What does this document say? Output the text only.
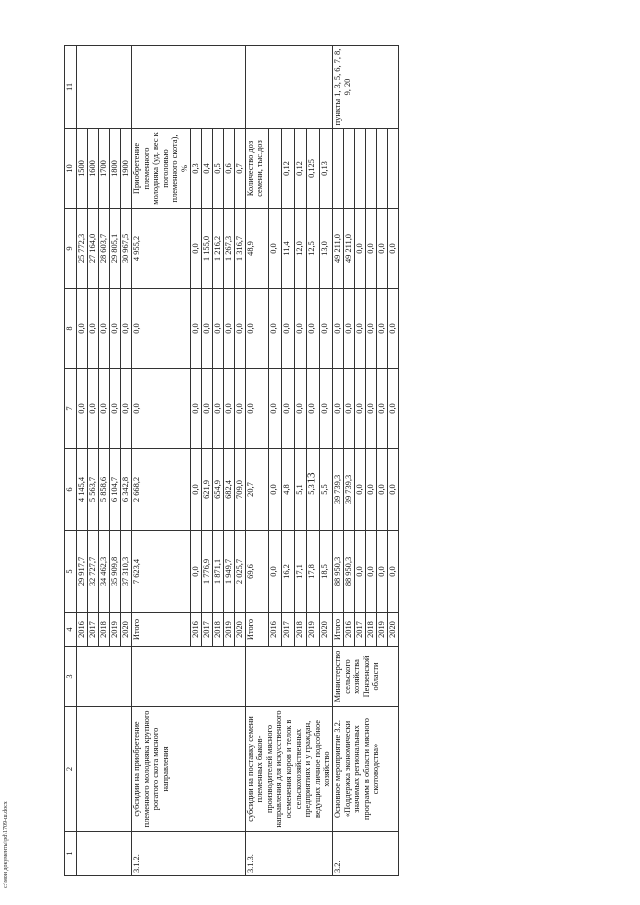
13
c:\мои документы\pd\1709-ш.docx	1	2	3	4	5	6	7	8	9	10	11
			2016	29 917,7	4 145,4	0,0	0,0	25 772,3	1500	
			2017	32 727,7	5 563,7	0,0	0,0	27 164,0	1600	
			2018	34 462,3	5 858,6	0,0	0,0	28 603,7	1700	
			2019	35 909,8	6 104,7	0,0	0,0	29 805,1	1800	
			2020	37 310,3	6 342,8	0,0	0,0	30 967,5	1900	
3.1.2.	субсидии на приобретение племенного молодняка крупного рогатого скота мясного направления		Итого	7 623,4	2 668,2	0,0	0,0	4 955,2	Приобретение племенного молодняка (уд. вес к поголовью племенного скота), %	
			2016	0,0	0,0	0,0	0,0	0,0	0,3	
			2017	1 776,9	621,9	0,0	0,0	1 155,0	0,4	
			2018	1 871,1	654,9	0,0	0,0	1 216,2	0,5	
			2019	1 949,7	682,4	0,0	0,0	1 267,3	0,6	
			2020	2 025,7	709,0	0,0	0,0	1 316,7	0,7	
3.1.3.	субсидии на поставку семени племенных быков-производителей мясного направления для искусственного осеменения коров и телок в сельскохозяйственных предприятиях и у граждан, ведущих личное подсобное хозяйство		Итого	69,6	20,7	0,0	0,0	48,9	Количество доз семени, тыс.доз	
			2016	0,0	0,0	0,0	0,0	0,0		
			2017	16,2	4,8	0,0	0,0	11,4	0,12	
			2018	17,1	5,1	0,0	0,0	12,0	0,12	
			2019	17,8	5,3	0,0	0,0	12,5	0,125	
			2020	18,5	5,5	0,0	0,0	13,0	0,13	
3.2.	Основное мероприятие 3.2. «Поддержка экономически значимых региональных программ в области мясного скотоводства»	Министерство сельского хозяйства Пензенской области	Итого	88 950,3	39 739,3	0,0	0,0	49 211,0		пункты 1, 3, 5, 6, 7, 8, 9, 20
			2016	88 950,3	39 739,3	0,0	0,0	49 211,0		
			2017	0,0	0,0	0,0	0,0	0,0		
			2018	0,0	0,0	0,0	0,0	0,0		
			2019	0,0	0,0	0,0	0,0	0,0		
			2020	0,0	0,0	0,0	0,0	0,0		
